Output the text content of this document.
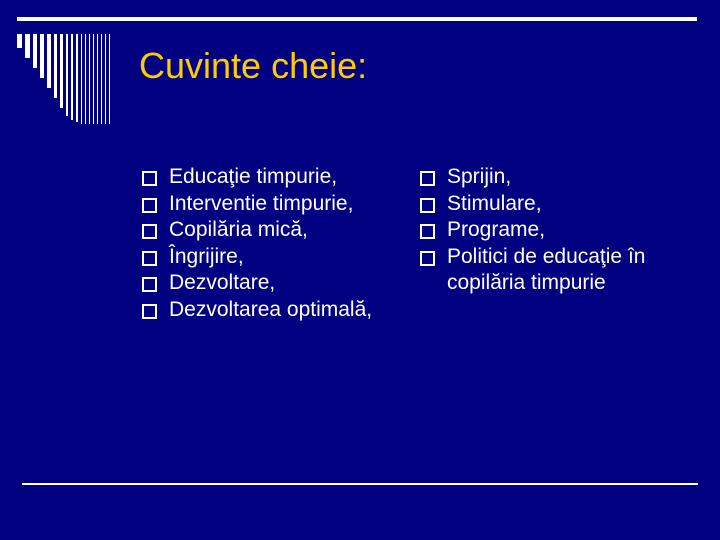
Cuvinte cheie:
Educaţie timpurie,
Interventie timpurie,
Copilăria mică,
Îngrijire,
Dezvoltare,
Dezvoltarea optimală,
Sprijin,
Stimulare,
Programe,
Politici de educaţie în copilăria timpurie
